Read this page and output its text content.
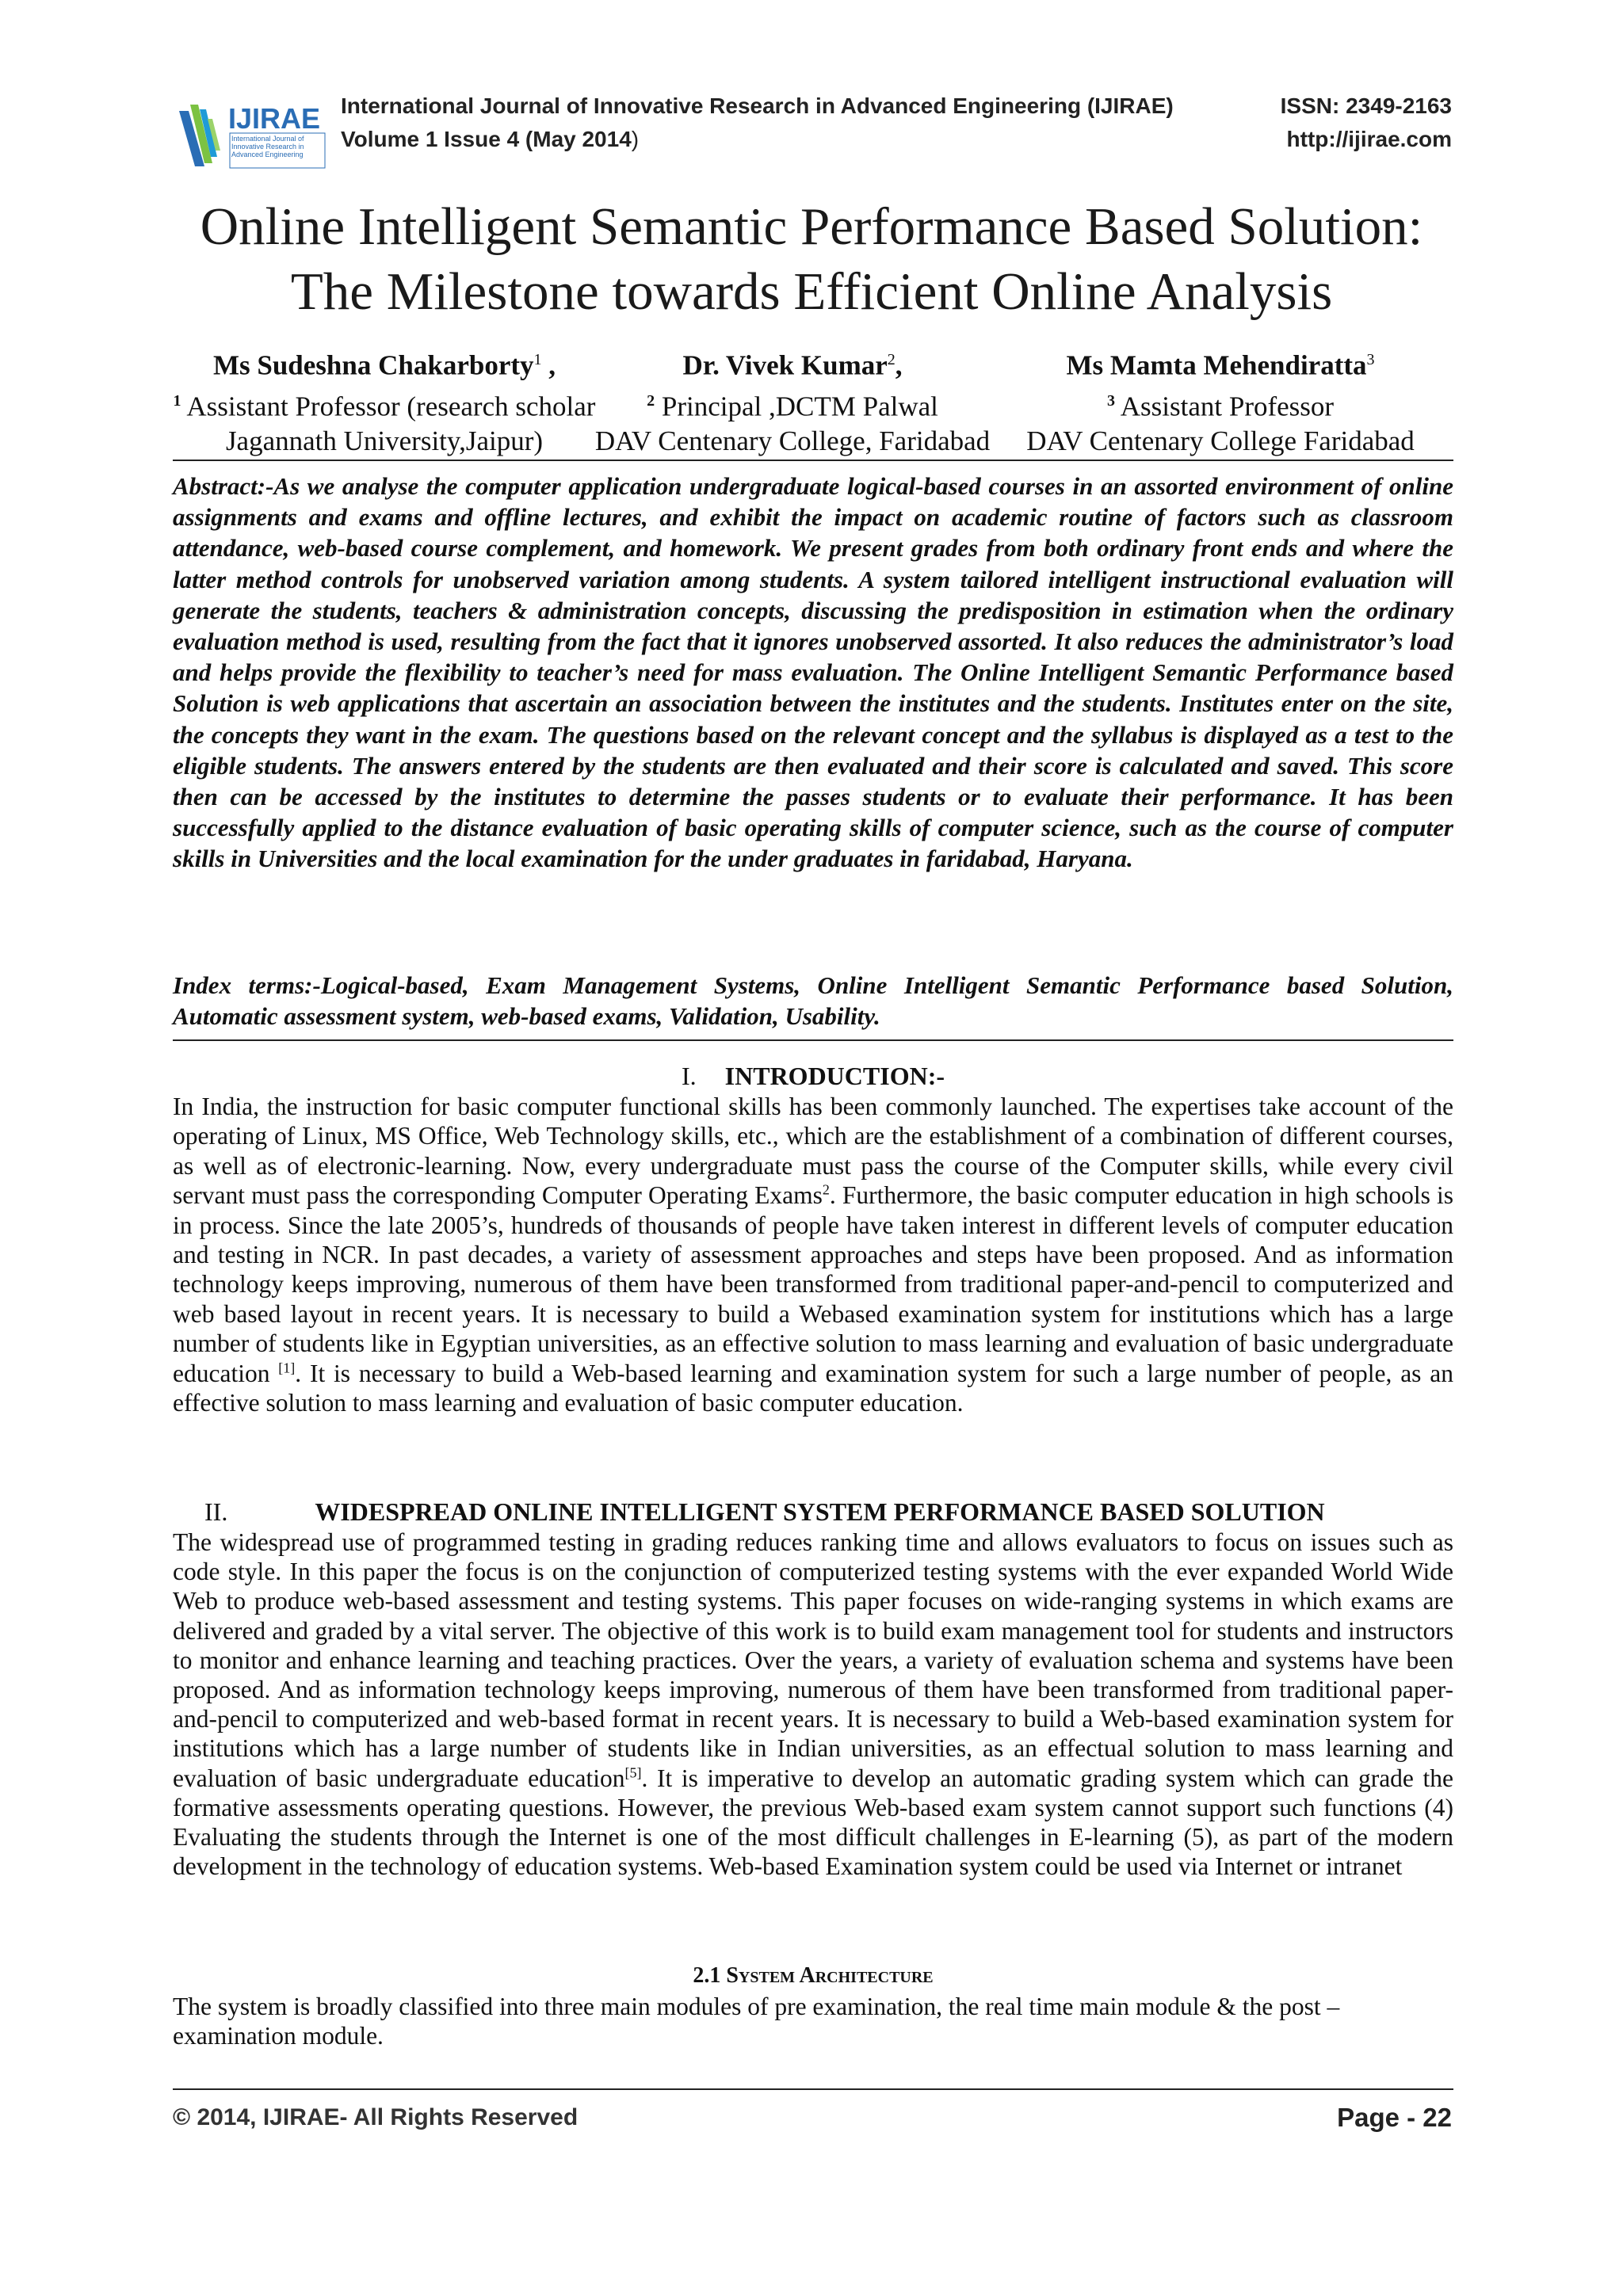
IJIRAE
International Journal of Innovative Research in Advanced Engineering
International Journal of Innovative Research in Advanced Engineering (IJIRAE)
Volume 1 Issue 4 (May 2014)
ISSN: 2349-2163
http://ijirae.com
Online Intelligent Semantic Performance Based Solution:
The Milestone towards Efficient Online Analysis
Ms Sudeshna Chakarborty$^1$ ,
$^1$ Assistant Professor (research scholar
Jagannath University,Jaipur)
Dr. Vivek Kumar$^2$,
$^2$ Principal ,DCTM Palwal
DAV Centenary College, Faridabad
Ms Mamta Mehendiratta$^3$
$^3$ Assistant Professor
DAV Centenary College Faridabad
Abstract:-As we analyse the computer application undergraduate logical-based courses in an assorted environment of online assignments and exams and offline lectures, and exhibit the impact on academic routine of factors such as classroom attendance, web-based course complement, and homework. We present grades from both ordinary front ends and where the latter method controls for unobserved variation among students. A system tailored intelligent instructional evaluation will generate the students, teachers & administration concepts, discussing the predisposition in estimation when the ordinary evaluation method is used, resulting from the fact that it ignores unobserved assorted. It also reduces the administrator’s load and helps provide the flexibility to teacher’s need for mass evaluation. The Online Intelligent Semantic Performance based Solution is web applications that ascertain an association between the institutes and the students. Institutes enter on the site, the concepts they want in the exam. The questions based on the relevant concept and the syllabus is displayed as a test to the eligible students. The answers entered by the students are then evaluated and their score is calculated and saved. This score then can be accessed by the institutes to determine the passes students or to evaluate their performance. It has been successfully applied to the distance evaluation of basic operating skills of computer science, such as the course of computer skills in Universities and the local examination for the under graduates in faridabad, Haryana.
Index terms:-Logical-based, Exam Management Systems, Online Intelligent Semantic Performance based Solution, Automatic assessment system, web-based exams, Validation, Usability.
I. INTRODUCTION:-
In India, the instruction for basic computer functional skills has been commonly launched. The expertises take account of the operating of Linux, MS Office, Web Technology skills, etc., which are the establishment of a combination of different courses, as well as of electronic-learning. Now, every undergraduate must pass the course of the Computer skills, while every civil servant must pass the corresponding Computer Operating Exams$^2$. Furthermore, the basic computer education in high schools is in process. Since the late 2005’s, hundreds of thousands of people have taken interest in different levels of computer education and testing in NCR. In past decades, a variety of assessment approaches and steps have been proposed. And as information technology keeps improving, numerous of them have been transformed from traditional paper-and-pencil to computerized and web based layout in recent years. It is necessary to build a Webased examination system for institutions which has a large number of students like in Egyptian universities, as an effective solution to mass learning and evaluation of basic undergraduate education [1]. It is necessary to build a Web-based learning and examination system for such a large number of people, as an effective solution to mass learning and evaluation of basic computer education.
II.	WIDESPREAD ONLINE INTELLIGENT SYSTEM PERFORMANCE BASED SOLUTION
The widespread use of programmed testing in grading reduces ranking time and allows evaluators to focus on issues such as code style. In this paper the focus is on the conjunction of computerized testing systems with the ever expanded World Wide Web to produce web-based assessment and testing systems. This paper focuses on wide-ranging systems in which exams are delivered and graded by a vital server. The objective of this work is to build exam management tool for students and instructors to monitor and enhance learning and teaching practices. Over the years, a variety of evaluation schema and systems have been proposed. And as information technology keeps improving, numerous of them have been transformed from traditional paper-and-pencil to computerized and web-based format in recent years. It is necessary to build a Web-based examination system for institutions which has a large number of students like in Indian universities, as an effectual solution to mass learning and evaluation of basic undergraduate education[5]. It is imperative to develop an automatic grading system which can grade the formative assessments operating questions. However, the previous Web-based exam system cannot support such functions (4) Evaluating the students through the Internet is one of the most difficult challenges in E-learning (5), as part of the modern development in the technology of education systems. Web-based Examination system could be used via Internet or intranet
2.1 System Architecture
The system is broadly classified into three main modules of pre examination, the real time main module & the post – examination module.
© 2014, IJIRAE- All Rights Reserved	Page - 22
